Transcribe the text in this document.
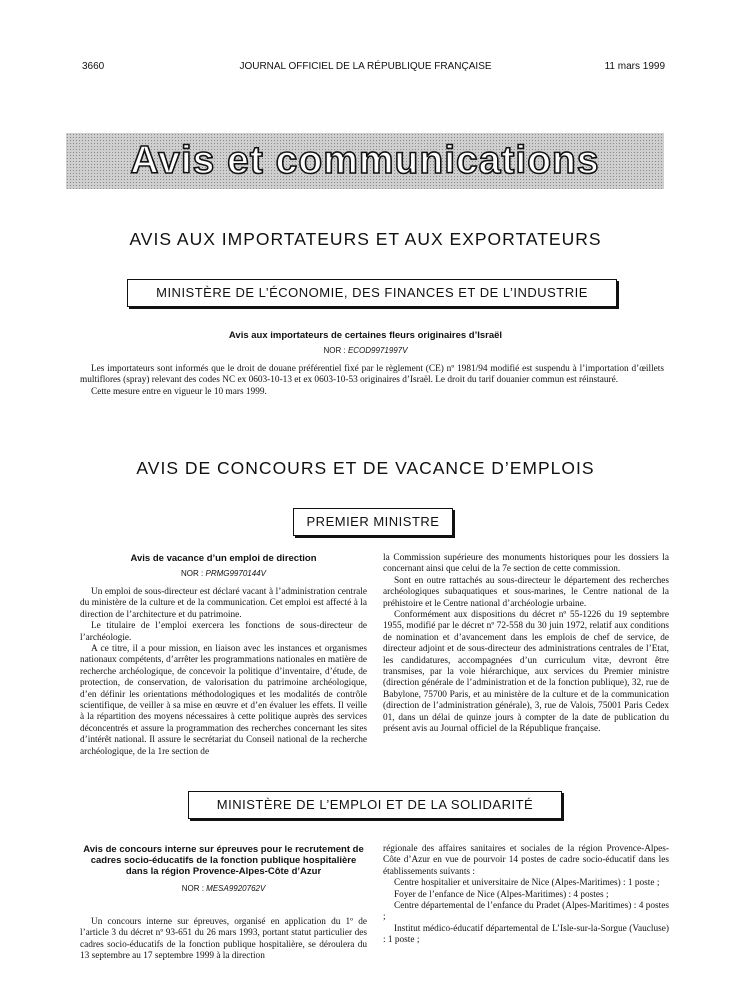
3660	JOURNAL OFFICIEL DE LA RÉPUBLIQUE FRANÇAISE	11 mars 1999
Avis et communications
AVIS AUX IMPORTATEURS ET AUX EXPORTATEURS
MINISTÈRE DE L’ÉCONOMIE, DES FINANCES ET DE L’INDUSTRIE
Avis aux importateurs de certaines fleurs originaires d’Israël
NOR : ECOD9971997V

Les importateurs sont informés que le droit de douane préférentiel fixé par le règlement (CE) nº 1981/94 modifié est suspendu à l’importation d’œillets multiflores (spray) relevant des codes NC ex 0603-10-13 et ex 0603-10-53 originaires d’Israël. Le droit du tarif douanier commun est réinstauré.

Cette mesure entre en vigueur le 10 mars 1999.

AVIS DE CONCOURS ET DE VACANCE D’EMPLOIS
PREMIER MINISTRE
Avis de vacance d’un emploi de direction
NOR : PRMG9970144V

Un emploi de sous-directeur est déclaré vacant à l’administration centrale du ministère de la culture et de la communication. Cet emploi est affecté à la direction de l’architecture et du patrimoine.

Le titulaire de l’emploi exercera les fonctions de sous-directeur de l’archéologie.

A ce titre, il a pour mission, en liaison avec les instances et organismes nationaux compétents, d’arrêter les programmations nationales en matière de recherche archéologique, de concevoir la politique d’inventaire, d’étude, de protection, de conservation, de valorisation du patrimoine archéologique, d’en définir les orientations méthodologiques et les modalités de contrôle scientifique, de veiller à sa mise en œuvre et d’en évaluer les effets. Il veille à la répartition des moyens nécessaires à cette politique auprès des services déconcentrés et assure la programmation des recherches concernant les sites d’intérêt national. Il assure le secrétariat du Conseil national de la recherche archéologique, de la 1re section de

la Commission supérieure des monuments historiques pour les dossiers la concernant ainsi que celui de la 7e section de cette commission.

Sont en outre rattachés au sous-directeur le département des recherches archéologiques subaquatiques et sous-marines, le Centre national de la préhistoire et le Centre national d’archéologie urbaine.

Conformément aux dispositions du décret nº 55-1226 du 19 septembre 1955, modifié par le décret nº 72-558 du 30 juin 1972, relatif aux conditions de nomination et d’avancement dans les emplois de chef de service, de directeur adjoint et de sous-directeur des administrations centrales de l’Etat, les candidatures, accompagnées d’un curriculum vitæ, devront être transmises, par la voie hiérarchique, aux services du Premier ministre (direction générale de l’administration et de la fonction publique), 32, rue de Babylone, 75700 Paris, et au ministère de la culture et de la communication (direction de l’administration générale), 3, rue de Valois, 75001 Paris Cedex 01, dans un délai de quinze jours à compter de la date de publication du présent avis au Journal officiel de la République française.

MINISTÈRE DE L’EMPLOI ET DE LA SOLIDARITÉ
Avis de concours interne sur épreuves pour le recrutement de cadres socio-éducatifs de la fonction publique hospitalière dans la région Provence-Alpes-Côte d’Azur
NOR : MESA9920762V

Un concours interne sur épreuves, organisé en application du 1º de l’article 3 du décret nº 93-651 du 26 mars 1993, portant statut particulier des cadres socio-éducatifs de la fonction publique hospitalière, se déroulera du 13 septembre au 17 septembre 1999 à la direction

régionale des affaires sanitaires et sociales de la région Provence-Alpes-Côte d’Azur en vue de pourvoir 14 postes de cadre socio-éducatif dans les établissements suivants :

Centre hospitalier et universitaire de Nice (Alpes-Maritimes) : 1 poste ;

Foyer de l’enfance de Nice (Alpes-Maritimes) : 4 postes ;

Centre départemental de l’enfance du Pradet (Alpes-Maritimes) : 4 postes ;

Institut médico-éducatif départemental de L’Isle-sur-la-Sorgue (Vaucluse) : 1 poste ;
